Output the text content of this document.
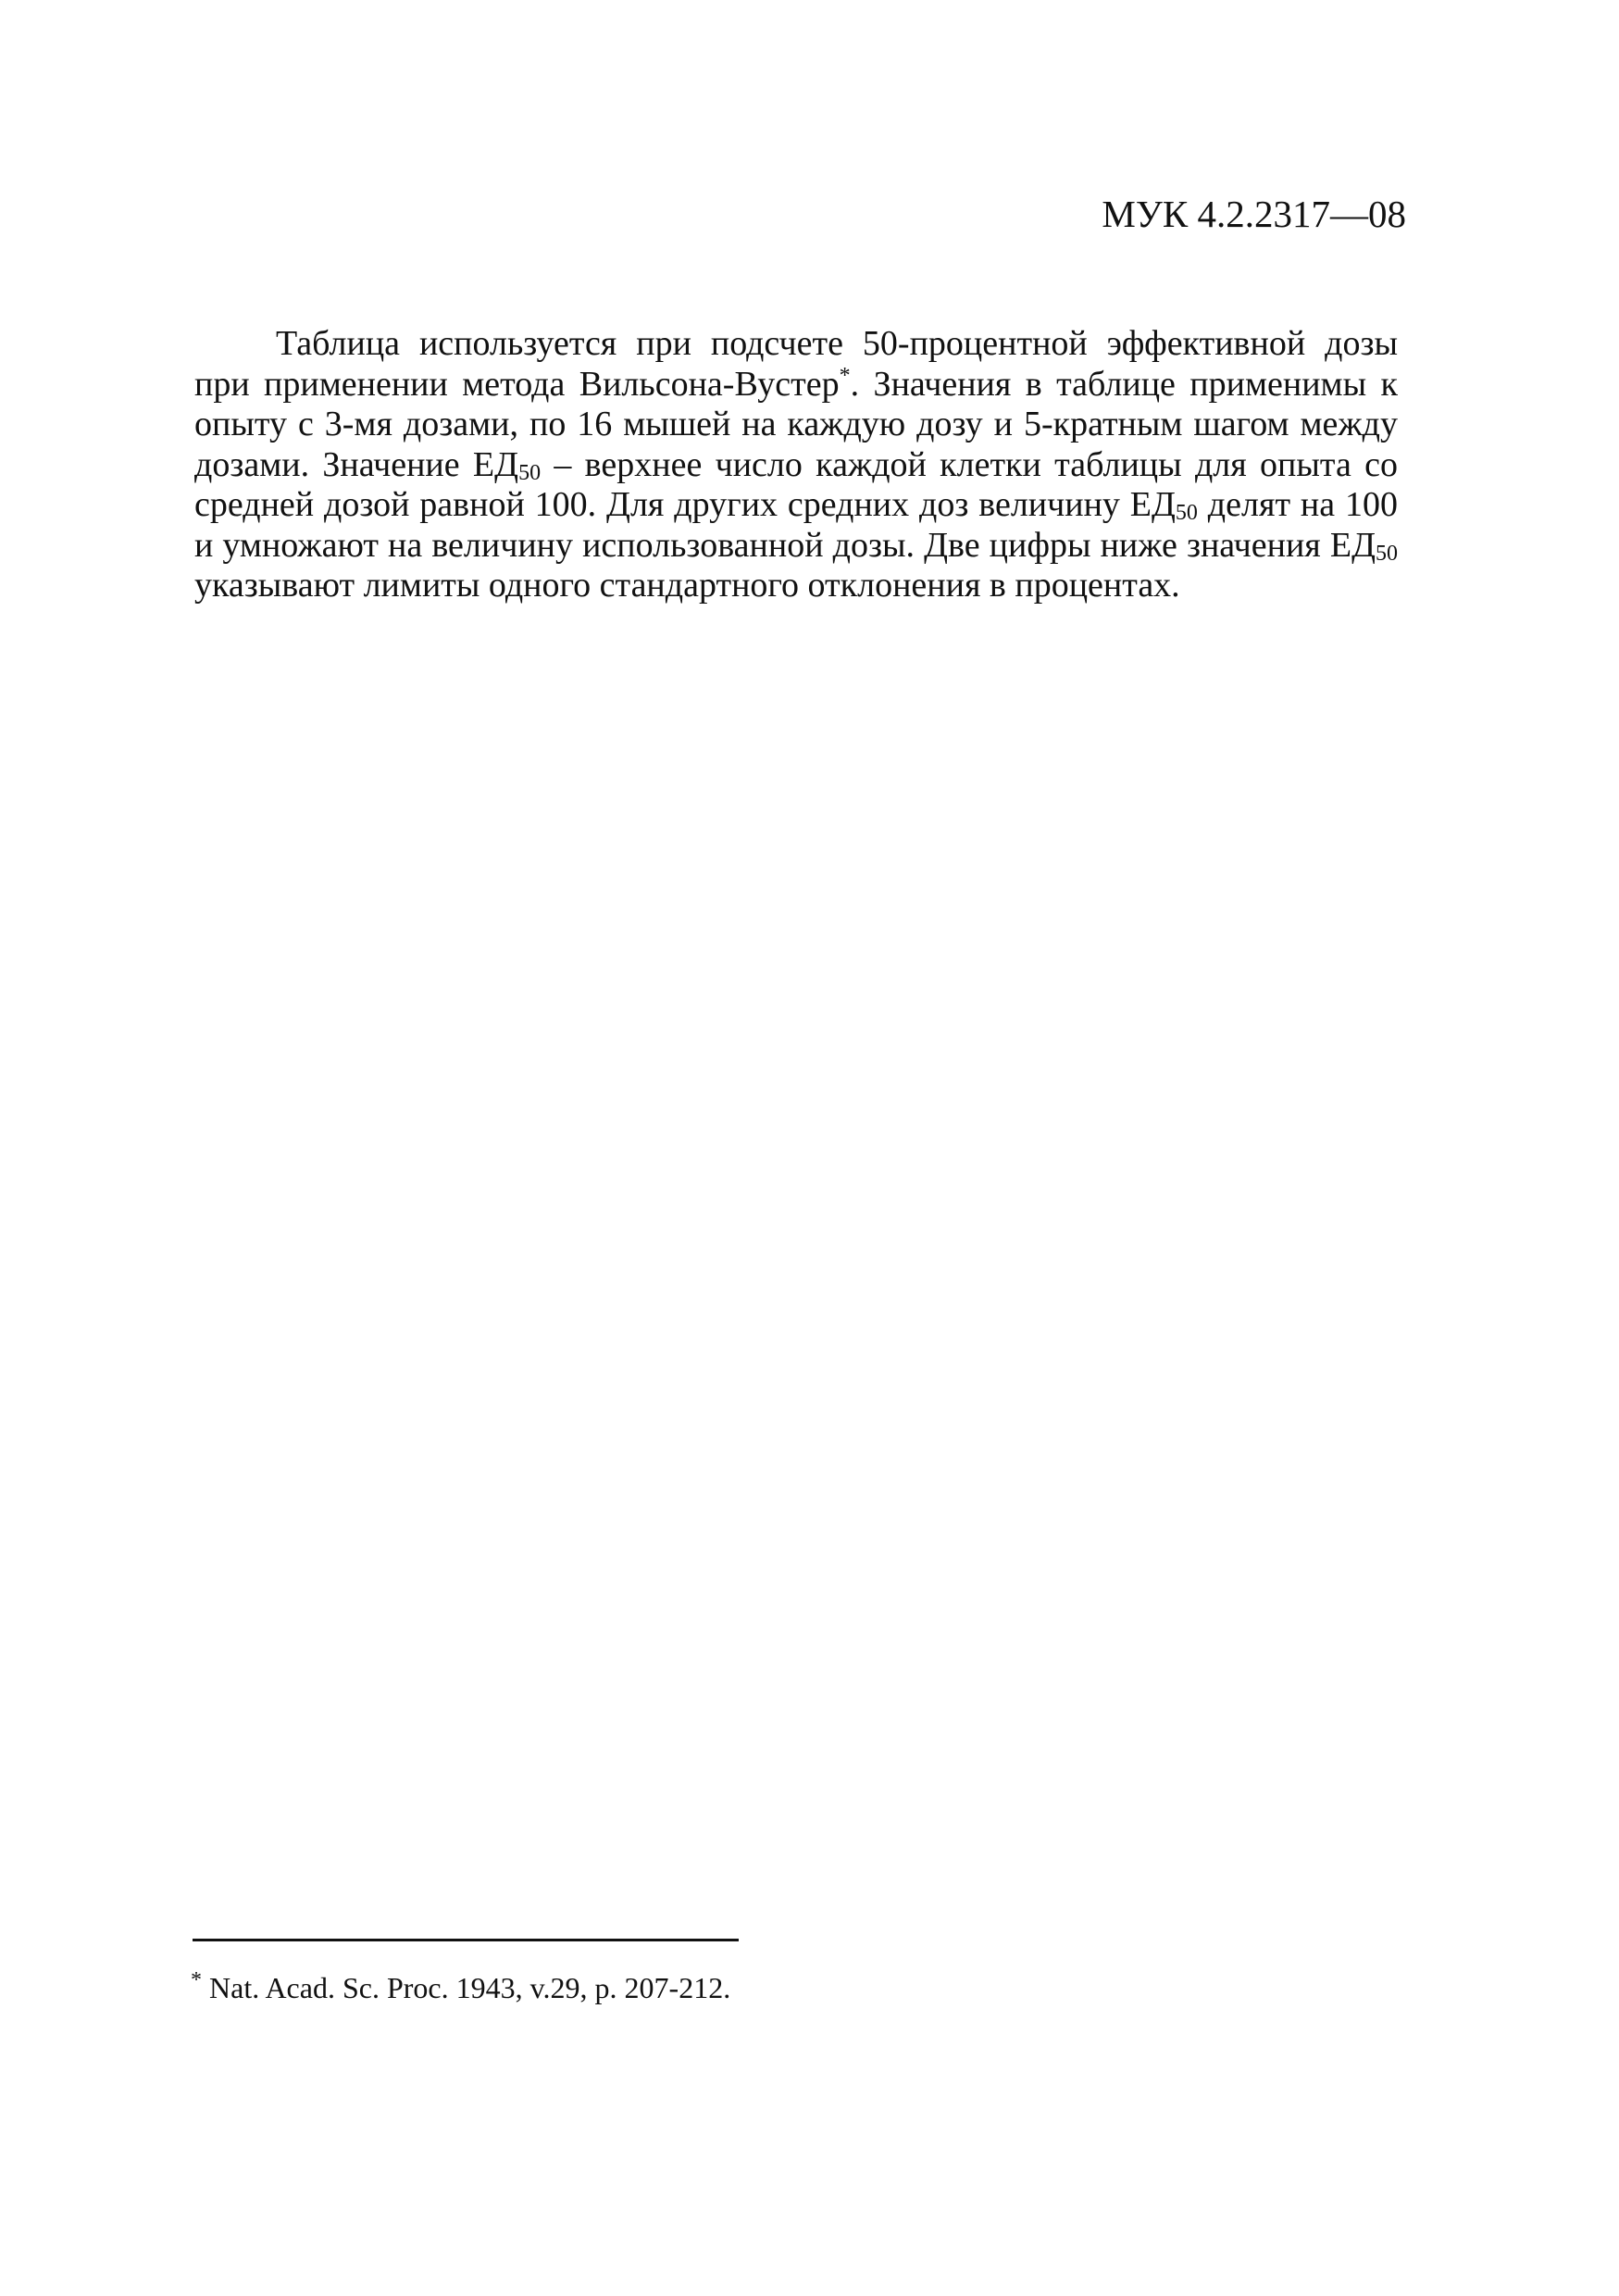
МУК 4.2.2317—08

Таблица используется при подсчете 50-процентной эффективной дозы при применении метода Вильсона-Вустер*. Значения в таблице применимы к опыту с 3-мя дозами, по 16 мышей на каждую дозу и 5-​кратным шагом между дозами. Значение $ЕД_{50}$ – верхнее число каждой клетки таблицы для опыта со средней дозой равной 100. Для других средних доз величину $ЕД_{50}$ делят на 100 и умножают на величину использованной дозы. Две цифры ниже значения $ЕД_{50}$ указывают лимиты одного стандартного отклонения в процентах.

* Nat. Acad. Sc. Proc. 1943, v.29, p. 207-212.
